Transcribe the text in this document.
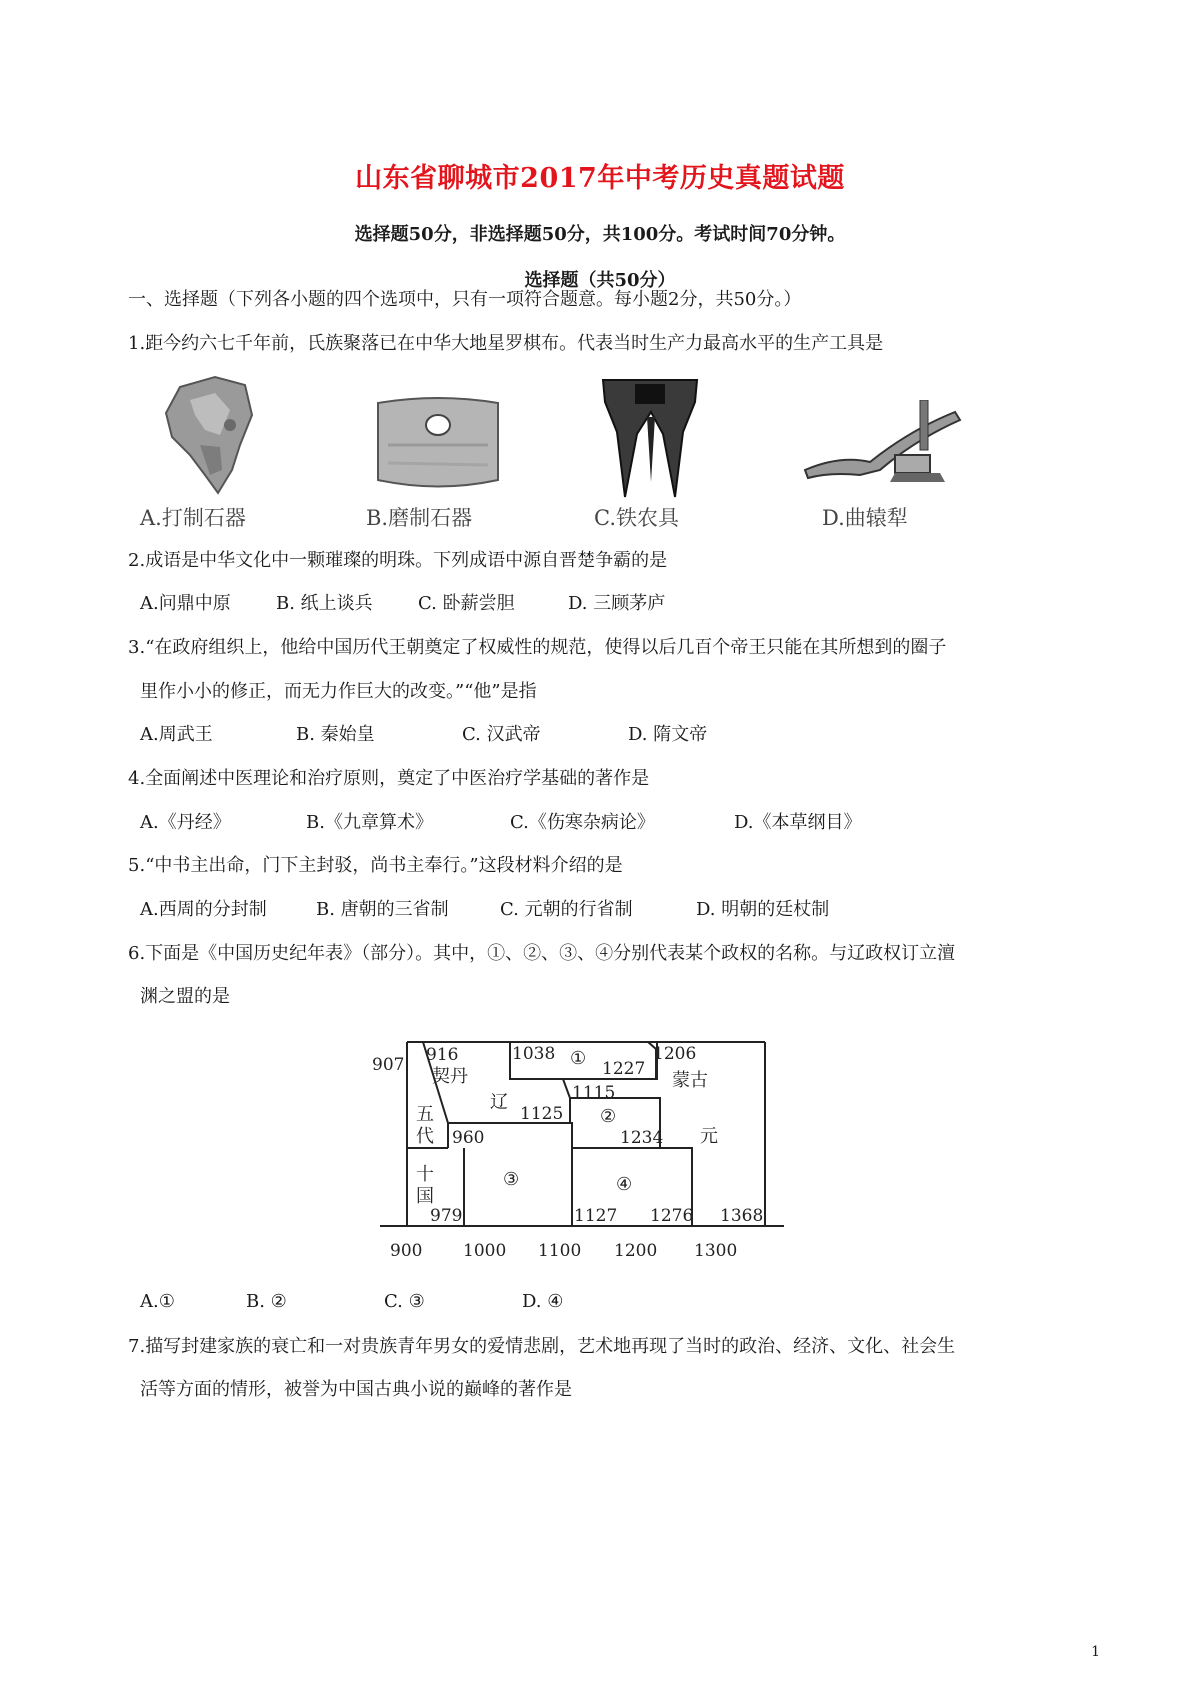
山东省聊城市2017年中考历史真题试题
选择题50分，非选择题50分，共100分。考试时间70分钟。
选择题（共50分）
一、选择题（下列各小题的四个选项中，只有一项符合题意。每小题2分，共50分。）
1.距今约六七千年前，氏族聚落已在中华大地星罗棋布。代表当时生产力最高水平的生产工具是
A.打制石器	B.磨制石器	C.铁农具	D.曲辕犁
2.成语是中华文化中一颗璀璨的明珠。下列成语中源自晋楚争霸的是
A.问鼎中原	B. 纸上谈兵	C. 卧薪尝胆	D. 三顾茅庐
3.“在政府组织上，他给中国历代王朝奠定了权威性的规范，使得以后几百个帝王只能在其所想到的圈子
里作小小的修正，而无力作巨大的改变。”“他”是指
A.周武王	B. 秦始皇	C. 汉武帝	D. 隋文帝
4.全面阐述中医理论和治疗原则，奠定了中医治疗学基础的著作是
A.《丹经》	B.《九章算术》	C.《伤寒杂病论》	D.《本草纲目》
5.“中书主出命，门下主封驳，尚书主奉行。”这段材料介绍的是
A.西周的分封制	B. 唐朝的三省制	C. 元朝的行省制	D. 明朝的廷杖制
6.下面是《中国历史纪年表》（部分）。其中，①、②、③、④分别代表某个政权的名称。与辽政权订立澶
渊之盟的是
907 916	1038
1227
1206
1115
1125
960	1234
979	1127 1276 1368
契丹
辽
五
代
十
国
①
②
③	④
蒙古
元
900 1000 1100 1200 1300
A.①	B. ②	C. ③	D. ④
7.描写封建家族的衰亡和一对贵族青年男女的爱情悲剧，艺术地再现了当时的政治、经济、文化、社会生
活等方面的情形，被誉为中国古典小说的巅峰的著作是
1
